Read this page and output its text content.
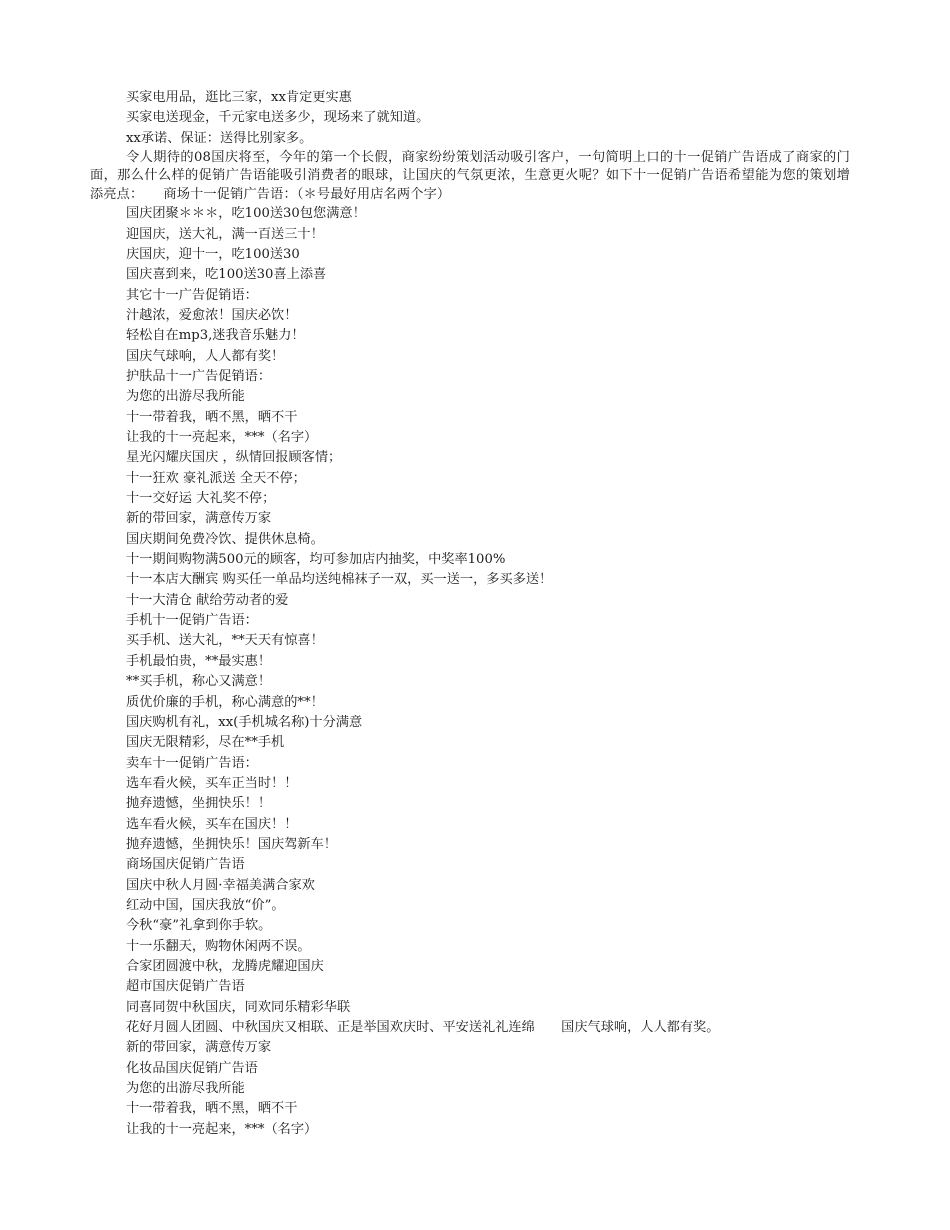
买家电用品，逛比三家，xx肯定更实惠

买家电送现金，千元家电送多少，现场来了就知道。

xx承诺、保证：送得比别家多。

令人期待的08国庆将至，今年的第一个长假，商家纷纷策划活动吸引客户，一句简明上口的十一促销广告语成了商家的门面，那么什么样的促销广告语能吸引消费者的眼球，让国庆的气氛更浓，生意更火呢？如下十一促销广告语希望能为您的策划增添亮点：　　商场十一促销广告语：（＊号最好用店名两个字）

国庆团聚＊＊＊，吃100送30包您满意！

迎国庆，送大礼，满一百送三十！

庆国庆，迎十一，吃100送30

国庆喜到来，吃100送30喜上添喜

其它十一广告促销语：

汁越浓，爱愈浓！国庆必饮！

轻松自在mp3,迷我音乐魅力！

国庆气球响，人人都有奖！

护肤品十一广告促销语：

为您的出游尽我所能

十一带着我，晒不黑，晒不干

让我的十一亮起来，***（名字）

星光闪耀庆国庆 ，纵情回报顾客情；

十一狂欢 豪礼派送 全天不停；

十一交好运 大礼奖不停；

新的带回家，满意传万家

国庆期间免费冷饮、提供休息椅。

十一期间购物满500元的顾客，均可参加店内抽奖，中奖率100%

十一本店大酬宾 购买任一单品均送纯棉袜子一双，买一送一，多买多送！

十一大清仓 献给劳动者的爱

手机十一促销广告语：

买手机、送大礼，**天天有惊喜！

手机最怕贵，**最实惠！

**买手机，称心又满意！

质优价廉的手机，称心满意的**！

国庆购机有礼，xx(手机城名称)十分满意

国庆无限精彩，尽在**手机

卖车十一促销广告语：

选车看火候，买车正当时！！

抛弃遗憾，坐拥快乐！！

选车看火候，买车在国庆！！

抛弃遗憾，坐拥快乐！国庆驾新车！

商场国庆促销广告语

国庆中秋人月圆·幸福美满合家欢

红动中国，国庆我放“价”。

今秋“豪”礼拿到你手软。

十一乐翻天，购物休闲两不误。

合家团圆渡中秋，龙腾虎耀迎国庆

超市国庆促销广告语

同喜同贺中秋国庆，同欢同乐精彩华联

花好月圆人团圆、中秋国庆又相联、正是举国欢庆时、平安送礼礼连绵　　国庆气球响，人人都有奖。

新的带回家，满意传万家

化妆品国庆促销广告语

为您的出游尽我所能

十一带着我，晒不黑，晒不干

让我的十一亮起来，***（名字）
